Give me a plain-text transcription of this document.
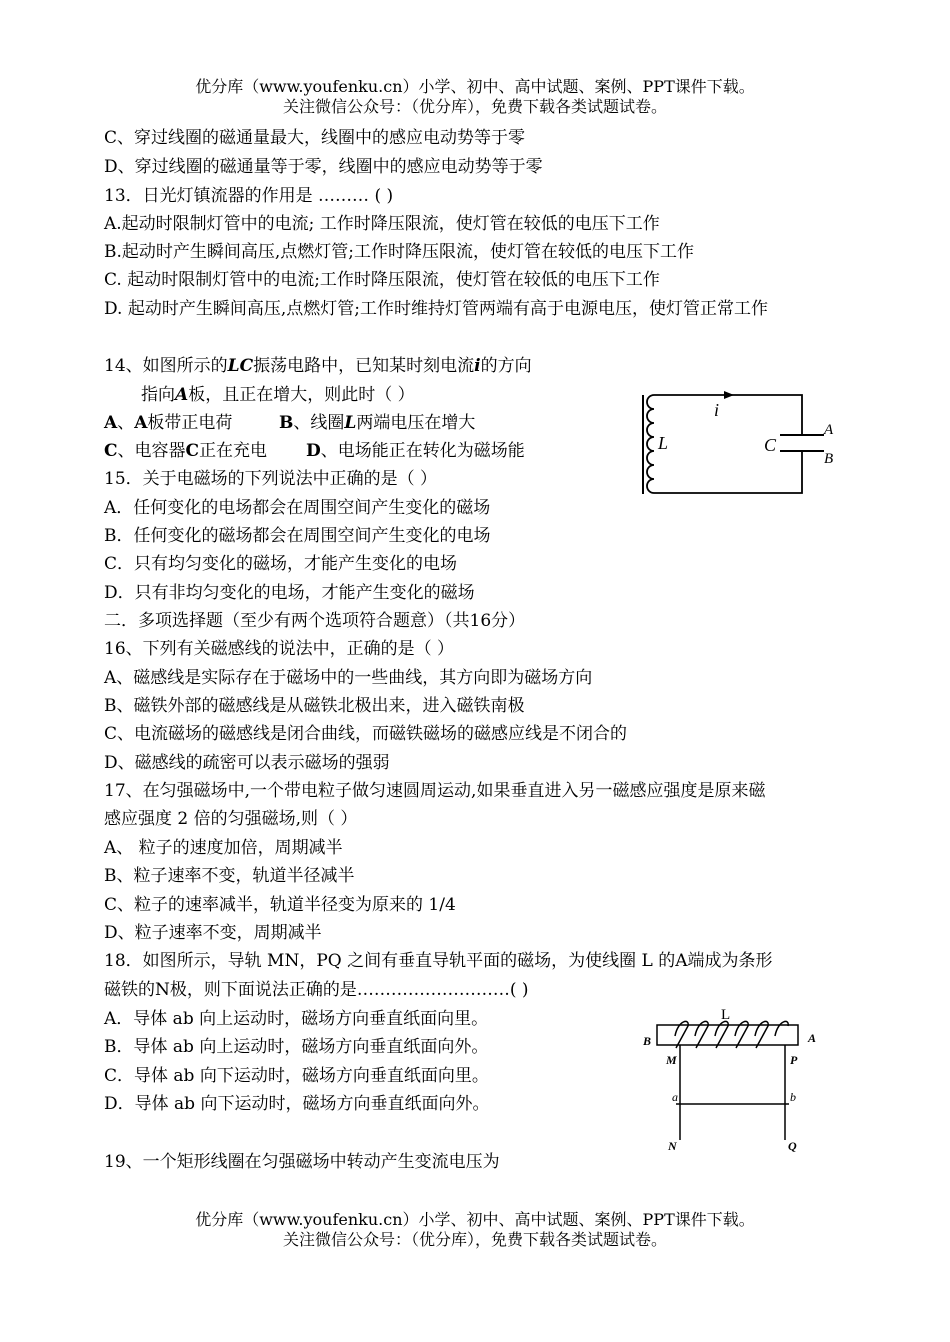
优分库（www.youfenku.cn）小学、初中、高中试题、案例、PPT课件下载。
关注微信公众号：（优分库），免费下载各类试题试卷。
C、穿过线圈的磁通量最大，线圈中的感应电动势等于零
D、穿过线圈的磁通量等于零，线圈中的感应电动势等于零
13．日光灯镇流器的作用是 ……… ( )
A.起动时限制灯管中的电流; 工作时降压限流，使灯管在较低的电压下工作
B.起动时产生瞬间高压,点燃灯管;工作时降压限流，使灯管在较低的电压下工作
C. 起动时限制灯管中的电流;工作时降压限流，使灯管在较低的电压下工作
D. 起动时产生瞬间高压,点燃灯管;工作时维持灯管两端有高于电源电压，使灯管正常工作
14、如图所示的LC振荡电路中，已知某时刻电流i的方向
指向A板，且正在增大，则此时（ ）
A、A板带正电荷	B、线圈L两端电压在增大
C、电容器C正在充电 D、电场能正在转化为磁场能
i
L	C
A
B
15．关于电磁场的下列说法中正确的是（ ）
A．任何变化的电场都会在周围空间产生变化的磁场
B．任何变化的磁场都会在周围空间产生变化的电场
C．只有均匀变化的磁场，才能产生变化的电场
D．只有非均匀变化的电场，才能产生变化的磁场
二．多项选择题（至少有两个选项符合题意）（共16分）
16、下列有关磁感线的说法中，正确的是（ ）
A、磁感线是实际存在于磁场中的一些曲线，其方向即为磁场方向
B、磁铁外部的磁感线是从磁铁北极出来，进入磁铁南极
C、电流磁场的磁感线是闭合曲线，而磁铁磁场的磁感应线是不闭合的
D、磁感线的疏密可以表示磁场的强弱
17、在匀强磁场中,一个带电粒子做匀速圆周运动,如果垂直进入另一磁感应强度是原来磁
感应强度 2 倍的匀强磁场,则（ ）
A、 粒子的速度加倍，周期减半
B、粒子速率不变，轨道半径减半
C、粒子的速率减半，轨道半径变为原来的 1/4
D、粒子速率不变，周期减半
18．如图所示，导轨 MN，PQ 之间有垂直导轨平面的磁场，为使线圈 L 的A端成为条形
磁铁的N极，则下面说法正确的是………………………( )
A．导体 ab 向上运动时，磁场方向垂直纸面向里。
B．导体 ab 向上运动时，磁场方向垂直纸面向外。
C．导体 ab 向下运动时，磁场方向垂直纸面向里。
D．导体 ab 向下运动时，磁场方向垂直纸面向外。
L
B	A
M	P
a	b
N	Q
19、一个矩形线圈在匀强磁场中转动产生变流电压为
优分库（www.youfenku.cn）小学、初中、高中试题、案例、PPT课件下载。
关注微信公众号：（优分库），免费下载各类试题试卷。
